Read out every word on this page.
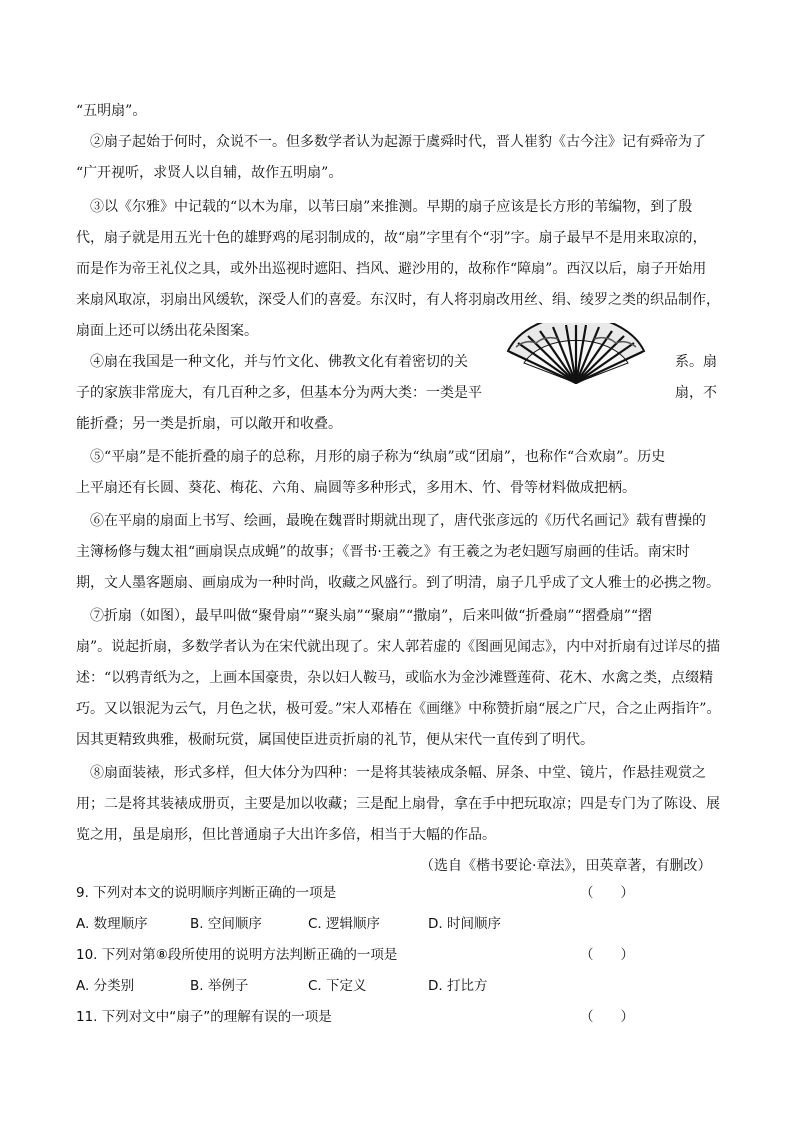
“五明扇”。
②扇子起始于何时，众说不一。但多数学者认为起源于虞舜时代，晋人崔豹《古今注》记有舜帝为了
“广开视听，求贤人以自辅，故作五明扇”。
③以《尔雅》中记载的“以木为扉，以苇曰扇”来推测。早期的扇子应该是长方形的苇编物，到了殷
代，扇子就是用五光十色的雄野鸡的尾羽制成的，故“扇”字里有个“羽”字。扇子最早不是用来取凉的，
而是作为帝王礼仪之具，或外出巡视时遮阳、挡风、避沙用的，故称作“障扇”。西汉以后，扇子开始用
来扇风取凉，羽扇出风缓软，深受人们的喜爱。东汉时，有人将羽扇改用丝、绢、绫罗之类的织品制作，
扇面上还可以绣出花朵图案。
④扇在我国是一种文化，并与竹文化、佛教文化有着密切的关	系。扇
子的家族非常庞大，有几百种之多，但基本分为两大类：一类是平	扇，不
能折叠；另一类是折扇，可以敞开和收叠。
⑤“平扇”是不能折叠的扇子的总称，月形的扇子称为“纨扇”或“团扇”，也称作“合欢扇”。历史
上平扇还有长圆、葵花、梅花、六角、扁圆等多种形式，多用木、竹、骨等材料做成把柄。
⑥在平扇的扇面上书写、绘画，最晚在魏晋时期就出现了，唐代张彦远的《历代名画记》载有曹操的
主簿杨修与魏太祖“画扇误点成蝇”的故事；《晋书·王羲之》有王羲之为老妇题写扇画的佳话。南宋时
期，文人墨客题扇、画扇成为一种时尚，收藏之风盛行。到了明清，扇子几乎成了文人雅士的必携之物。
⑦折扇（如图），最早叫做“聚骨扇”“聚头扇”“聚扇”“撒扇”，后来叫做“折叠扇”“摺叠扇”“摺
扇”。说起折扇，多数学者认为在宋代就出现了。宋人郭若虚的《图画见闻志》，内中对折扇有过详尽的描
述：“以鸦青纸为之，上画本国豪贵，杂以妇人鞍马，或临水为金沙滩暨莲荷、花木、水禽之类，点缀精
巧。又以银泥为云气，月色之状，极可爱。”宋人邓椿在《画继》中称赞折扇“展之广尺，合之止两指许”。
因其更精致典雅，极耐玩赏，属国使臣进贡折扇的礼节，便从宋代一直传到了明代。
⑧扇面装裱，形式多样，但大体分为四种：一是将其装裱成条幅、屏条、中堂、镜片，作悬挂观赏之
用；二是将其装裱成册页，主要是加以收藏；三是配上扇骨，拿在手中把玩取凉；四是专门为了陈设、展
览之用，虽是扇形，但比普通扇子大出许多倍，相当于大幅的作品。
（选自《楷书要论·章法》，田英章著，有删改）
9. 下列对本文的说明顺序判断正确的一项是	（　　）
A. 数理顺序	B. 空间顺序	C. 逻辑顺序	D. 时间顺序
10. 下列对第⑧段所使用的说明方法判断正确的一项是	（　　）
A. 分类别	B. 举例子	C. 下定义	D. 打比方
11. 下列对文中“扇子”的理解有误的一项是	（　　）
